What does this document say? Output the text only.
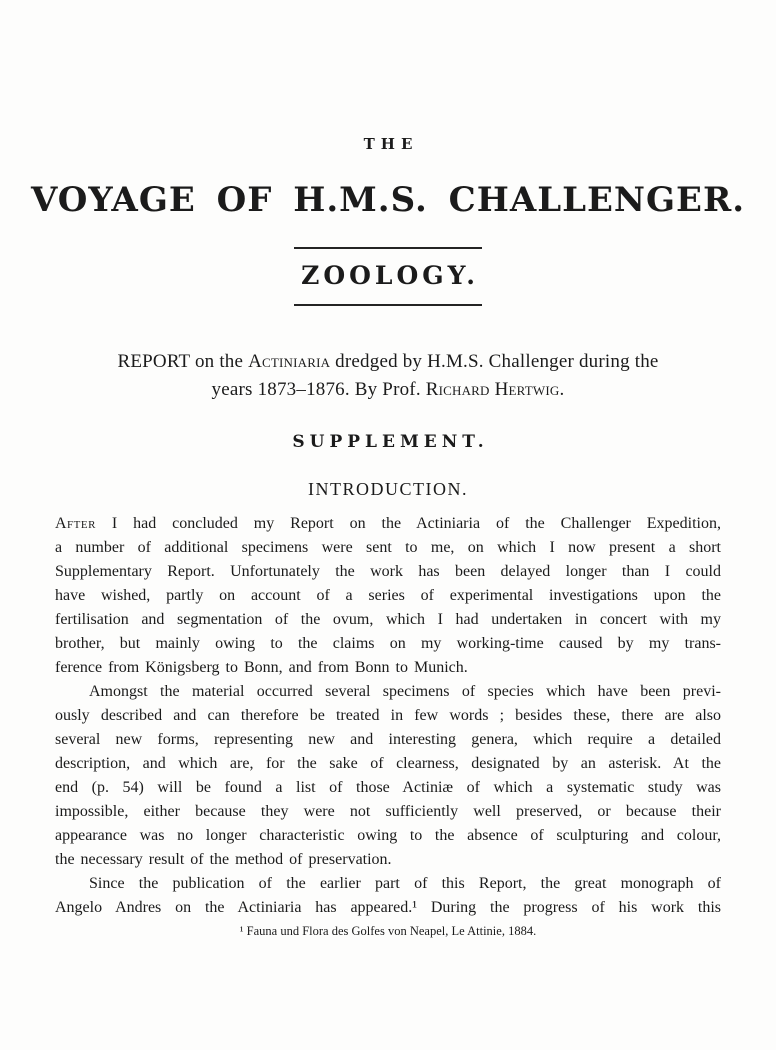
THE
VOYAGE OF H.M.S. CHALLENGER.
ZOOLOGY.
REPORT on the Actiniaria dredged by H.M.S. Challenger during the
years 1873–1876. By Prof. Richard Hertwig.
SUPPLEMENT.
INTRODUCTION.
After I had concluded my Report on the Actiniaria of the Challenger Expedition,
a number of additional specimens were sent to me, on which I now present a short
Supplementary Report. Unfortunately the work has been delayed longer than I could
have wished, partly on account of a series of experimental investigations upon the
fertilisation and segmentation of the ovum, which I had undertaken in concert with my
brother, but mainly owing to the claims on my working-time caused by my trans-
ference from Königsberg to Bonn, and from Bonn to Munich.
Amongst the material occurred several specimens of species which have been previ-
ously described and can therefore be treated in few words ; besides these, there are also
several new forms, representing new and interesting genera, which require a detailed
description, and which are, for the sake of clearness, designated by an asterisk. At the
end (p. 54) will be found a list of those Actiniæ of which a systematic study was
impossible, either because they were not sufficiently well preserved, or because their
appearance was no longer characteristic owing to the absence of sculpturing and colour,
the necessary result of the method of preservation.
Since the publication of the earlier part of this Report, the great monograph of
Angelo Andres on the Actiniaria has appeared.¹ During the progress of his work this
¹ Fauna und Flora des Golfes von Neapel, Le Attinie, 1884.
